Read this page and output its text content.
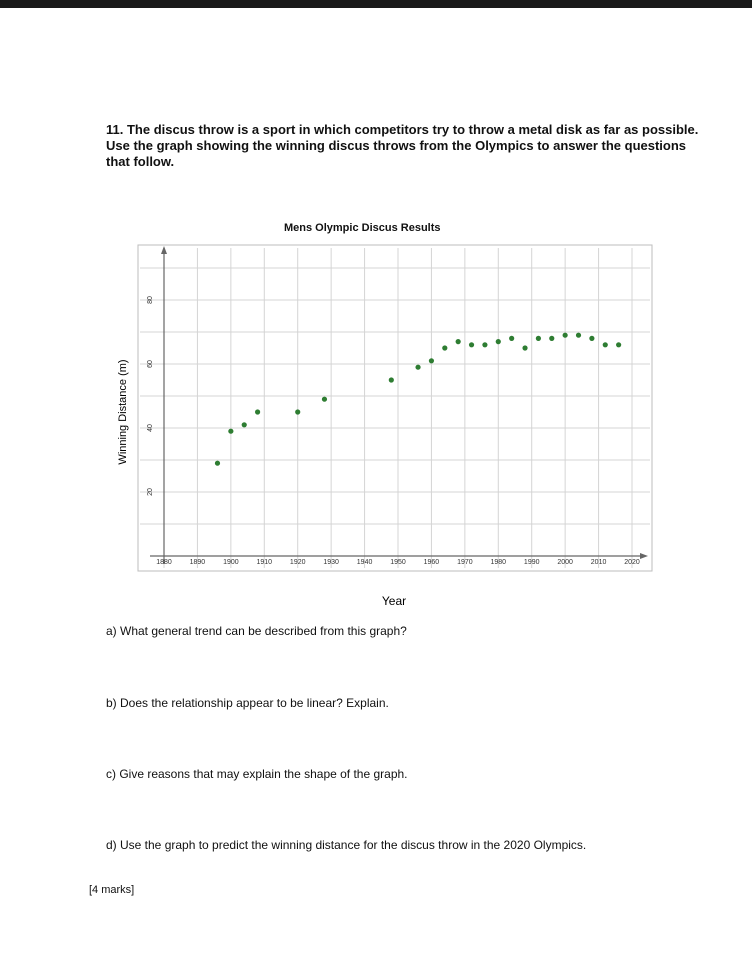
11. The discus throw is a sport in which competitors try to throw a metal disk as far as possible. Use the graph showing the winning discus throws from the Olympics to answer the questions that follow.
Mens Olympic Discus Results
1880	1890	1900	1910	1920	1930	1940	1950	1960	1970	1980	1990	2000	2010	2020
20
40
60
80
Year
Winning Distance (m)
a) What general trend can be described from this graph?
b) Does the relationship appear to be linear? Explain.
c) Give reasons that may explain the shape of the graph.
d) Use the graph to predict the winning distance for the discus throw in the 2020 Olympics.
[4 marks]
